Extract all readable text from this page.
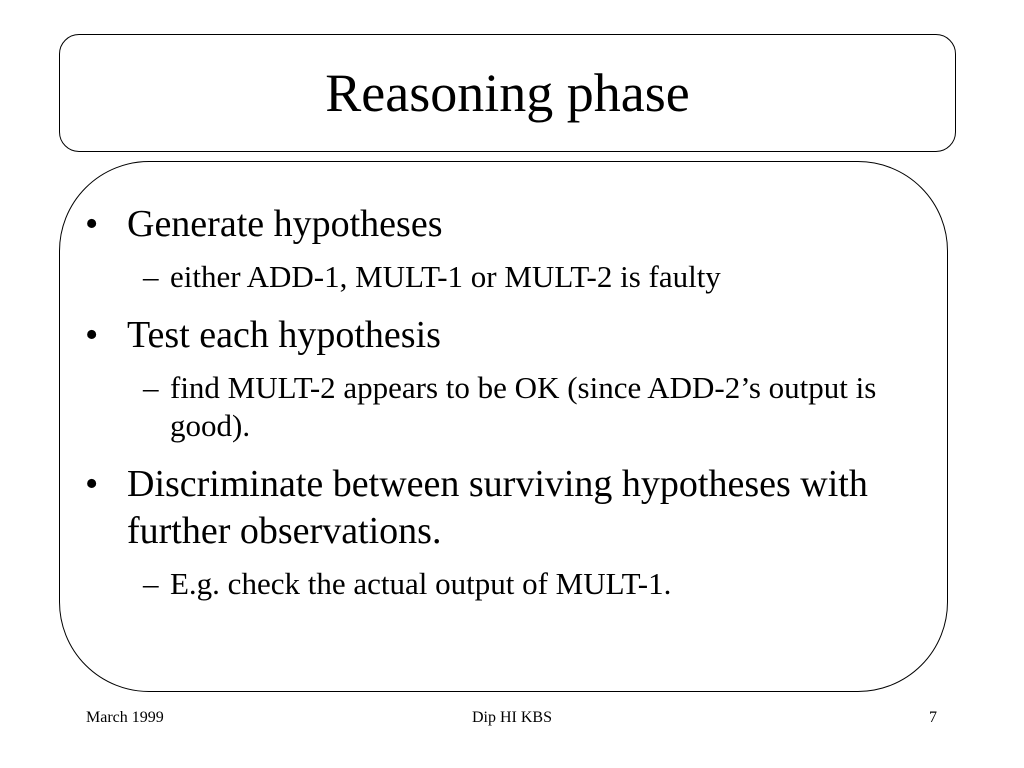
Reasoning phase
• Generate hypotheses
– either ADD-1, MULT-1 or MULT-2 is faulty
• Test each hypothesis
– find MULT-2 appears to be OK (since ADD-2’s output is good).
• Discriminate between surviving hypotheses with further observations.
– E.g. check the actual output of MULT-1.
March 1999	Dip HI KBS	7
